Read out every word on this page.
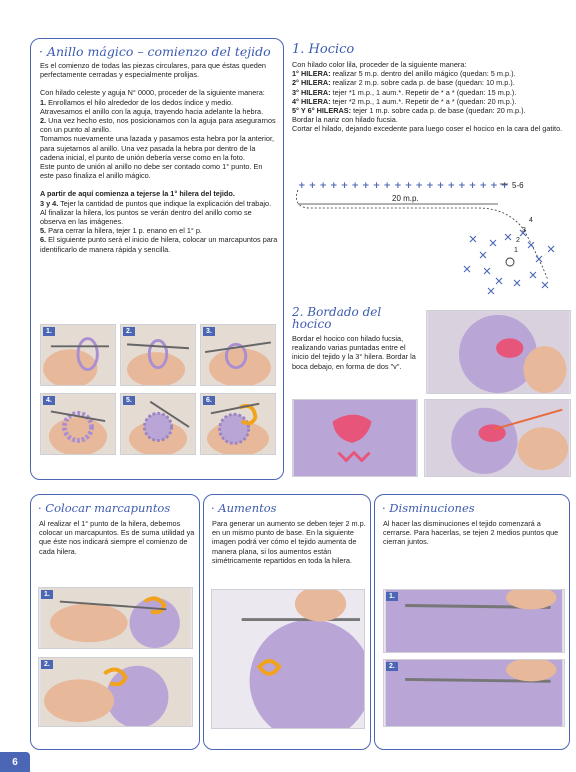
· Anillo mágico – comienzo del tejido
Es el comienzo de todas las piezas circulares, para que éstas queden perfectamente cerradas y especialmente prolijas.
Con hilado celeste y aguja N° 0000, proceder de la siguiente manera:
1. Enrollamos el hilo alrededor de los dedos índice y medio.
Atravesamos el anillo con la aguja, trayendo hacia adelante la hebra.
2. Una vez hecho esto, nos posicionamos con la aguja para asegurarnos con un punto al anillo.
Tomamos nuevamente una lazada y pasamos esta hebra por la anterior, para sujetarnos al anillo. Una vez pasada la hebra por dentro de la cadena inicial, el punto de unión debería verse como en la foto.
Este punto de unión al anillo no debe ser contado como 1° punto. En este paso finaliza el anillo mágico.
A partir de aquí comienza a tejerse la 1° hilera del tejido.
3 y 4. Tejer la cantidad de puntos que indique la explicación del trabajo. Al finalizar la hilera, los puntos se verán dentro del anillo como se observa en las imágenes.
5. Para cerrar la hilera, tejer 1 p. enano en el 1° p.
6. El siguiente punto será el inicio de hilera, colocar un marcapuntos para identificarlo de manera rápida y sencilla.
1.	2.	3.
4.	5.	6.
1. Hocico
Con hilado color lila, proceder de la siguiente manera:
1° HILERA: realizar 5 m.p. dentro del anillo mágico (quedan: 5 m.p.).
2° HILERA: realizar 2 m.p. sobre cada p. de base (quedan: 10 m.p.).
3° HILERA: tejer *1 m.p., 1 aum.*. Repetir de * a * (quedan: 15 m.p.).
4° HILERA: tejer *2 m.p., 1 aum.*. Repetir de * a * (quedan: 20 m.p.).
5° Y 6° HILERAS: tejer 1 m.p. sobre cada p. de base (quedan: 20 m.p.).
Bordar la nariz con hilado fucsia.
Cortar el hilado, dejando excedente para luego coser el hocico en la cara del gatito.
+ + + + + + + + + + + + + + + + + + + +
.
5-6
20 m.p.
4
3
2
1
2. Bordado del hocico
Bordar el hocico con hilado fucsia, realizando varias puntadas entre el inicio del tejido y la 3° hilera. Bordar la boca debajo, en forma de dos "v".
· Colocar marcapuntos
Al realizar el 1° punto de la hilera, debemos colocar un marcapuntos. Es de suma utilidad ya que éste nos indicará siempre el comienzo de cada hilera.
1.
2.
· Aumentos
Para generar un aumento se deben tejer 2 m.p. en un mismo punto de base. En la siguiente imagen podrá ver cómo el tejido aumenta de manera plana, si los aumentos están simétricamente repartidos en toda la hilera.
· Disminuciones
Al hacer las disminuciones el tejido comenzará a cerrarse. Para hacerlas, se tejen 2 medios puntos que cierran juntos.
1.
2.
6
